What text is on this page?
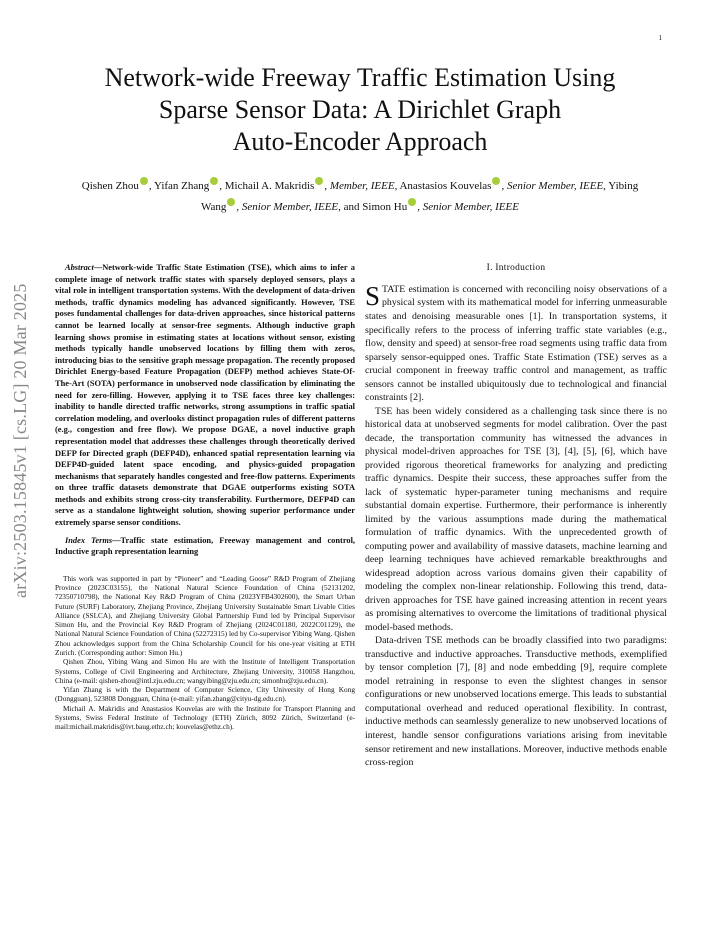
1
arXiv:2503.15845v1 [cs.LG] 20 Mar 2025
Network-wide Freeway Traffic Estimation Using
Sparse Sensor Data: A Dirichlet Graph
Auto-Encoder Approach
Qishen Zhou , Yifan Zhang , Michail A. Makridis , Member, IEEE, Anastasios Kouvelas , Senior Member, IEEE, Yibing Wang , Senior Member, IEEE, and Simon Hu , Senior Member, IEEE

Abstract—Network-wide Traffic State Estimation (TSE), which aims to infer a complete image of network traffic states with sparsely deployed sensors, plays a vital role in intelligent transportation systems. With the development of data-driven methods, traffic dynamics modeling has advanced significantly. However, TSE poses fundamental challenges for data-driven approaches, since historical patterns cannot be learned locally at sensor-free segments. Although inductive graph learning shows promise in estimating states at locations without sensor, existing methods typically handle unobserved locations by filling them with zeros, introducing bias to the sensitive graph message propagation. The recently proposed Dirichlet Energy-based Feature Propagation (DEFP) method achieves State-Of-The-Art (SOTA) performance in unobserved node classification by eliminating the need for zero-filling. However, applying it to TSE faces three key challenges: inability to handle directed traffic networks, strong assumptions in traffic spatial correlation modeling, and overlooks distinct propagation rules of different patterns (e.g., congestion and free flow). We propose DGAE, a novel inductive graph representation model that addresses these challenges through theoretically derived DEFP for Directed graph (DEFP4D), enhanced spatial representation learning via DEFP4D-guided latent space encoding, and physics-guided propagation mechanisms that separately handles congested and free-flow patterns. Experiments on three traffic datasets demonstrate that DGAE outperforms existing SOTA methods and exhibits strong cross-city transferability. Furthermore, DEFP4D can serve as a standalone lightweight solution, showing superior performance under extremely sparse sensor conditions.

Index Terms—Traffic state estimation, Freeway management and control, Inductive graph representation learning

This work was supported in part by “Pioneer” and “Leading Goose” R&D Program of Zhejiang Province (2023C03155), the National Natural Science Foundation of China (52131202, 72350710798), the National Key R&D Program of China (2023YFB4302600), the Smart Urban Future (SURF) Laboratory, Zhejiang Province, Zhejiang University Sustainable Smart Livable Cities Alliance (SSLCA), and Zhejiang University Global Partnership Fund led by Principal Supervisor Simon Hu, and the Provincial Key R&D Program of Zhejiang (2024C01180, 2022C01129), the National Natural Science Foundation of China (52272315) led by Co-supervisor Yibing Wang. Qishen Zhou acknowledges support from the China Scholarship Council for his one-year visiting at ETH Zurich. (Corresponding author: Simon Hu.)

Qishen Zhou, Yibing Wang and Simon Hu are with the Institute of Intelligent Transportation Systems, College of Civil Engineering and Architecture, Zhejiang University, 310058 Hangzhou, China (e-mail: qishen-zhou@intl.zju.edu.cn; wangyibing@zju.edu.cn; simonhu@zju.edu.cn).

Yifan Zhang is with the Department of Computer Science, City University of Hong Kong (Dongguan), 523808 Dongguan, China (e-mail: yifan.zhang@cityu-dg.edu.cn).

Michail A. Makridis and Anastasios Kouvelas are with the Institute for Transport Planning and Systems, Swiss Federal Institute of Technology (ETH) Zürich, 8092 Zürich, Switzerland (e-mail:michail.makridis@ivt.baug.ethz.ch; kouvelas@ethz.ch).

I. Introduction

STATE estimation is concerned with reconciling noisy observations of a physical system with its mathematical model for inferring unmeasurable states and denoising measurable ones [1]. In transportation systems, it specifically refers to the process of inferring traffic state variables (e.g., flow, density and speed) at sensor-free road segments using traffic data from sparsely sensor-equipped ones. Traffic State Estimation (TSE) serves as a crucial component in freeway traffic control and management, as traffic sensors cannot be installed ubiquitously due to technological and financial constraints [2].

TSE has been widely considered as a challenging task since there is no historical data at unobserved segments for model calibration. Over the past decade, the transportation community has witnessed the advances in physical model-driven approaches for TSE [3], [4], [5], [6], which have provided rigorous theoretical frameworks for analyzing and predicting traffic dynamics. Despite their success, these approaches suffer from the lack of systematic hyper-parameter tuning mechanisms and require substantial domain expertise. Furthermore, their performance is inherently limited by the various assumptions made during the mathematical formulation of traffic dynamics. With the unprecedented growth of computing power and availability of massive datasets, machine learning and deep learning techniques have achieved remarkable breakthroughs and widespread adoption across various domains given their capability of modeling the complex non-linear relationship. Following this trend, data-driven approaches for TSE have gained increasing attention in recent years as promising alternatives to overcome the limitations of traditional physical model-based methods.

Data-driven TSE methods can be broadly classified into two paradigms: transductive and inductive approaches. Transductive methods, exemplified by tensor completion [7], [8] and node embedding [9], require complete model retraining in response to even the slightest changes in sensor configurations or new unobserved locations emerge. This leads to substantial computational overhead and reduced operational flexibility. In contrast, inductive methods can seamlessly generalize to new unobserved locations of interest, handle sensor configurations variations arising from inevitable sensor retirement and new installations. Moreover, inductive methods enable cross-region
